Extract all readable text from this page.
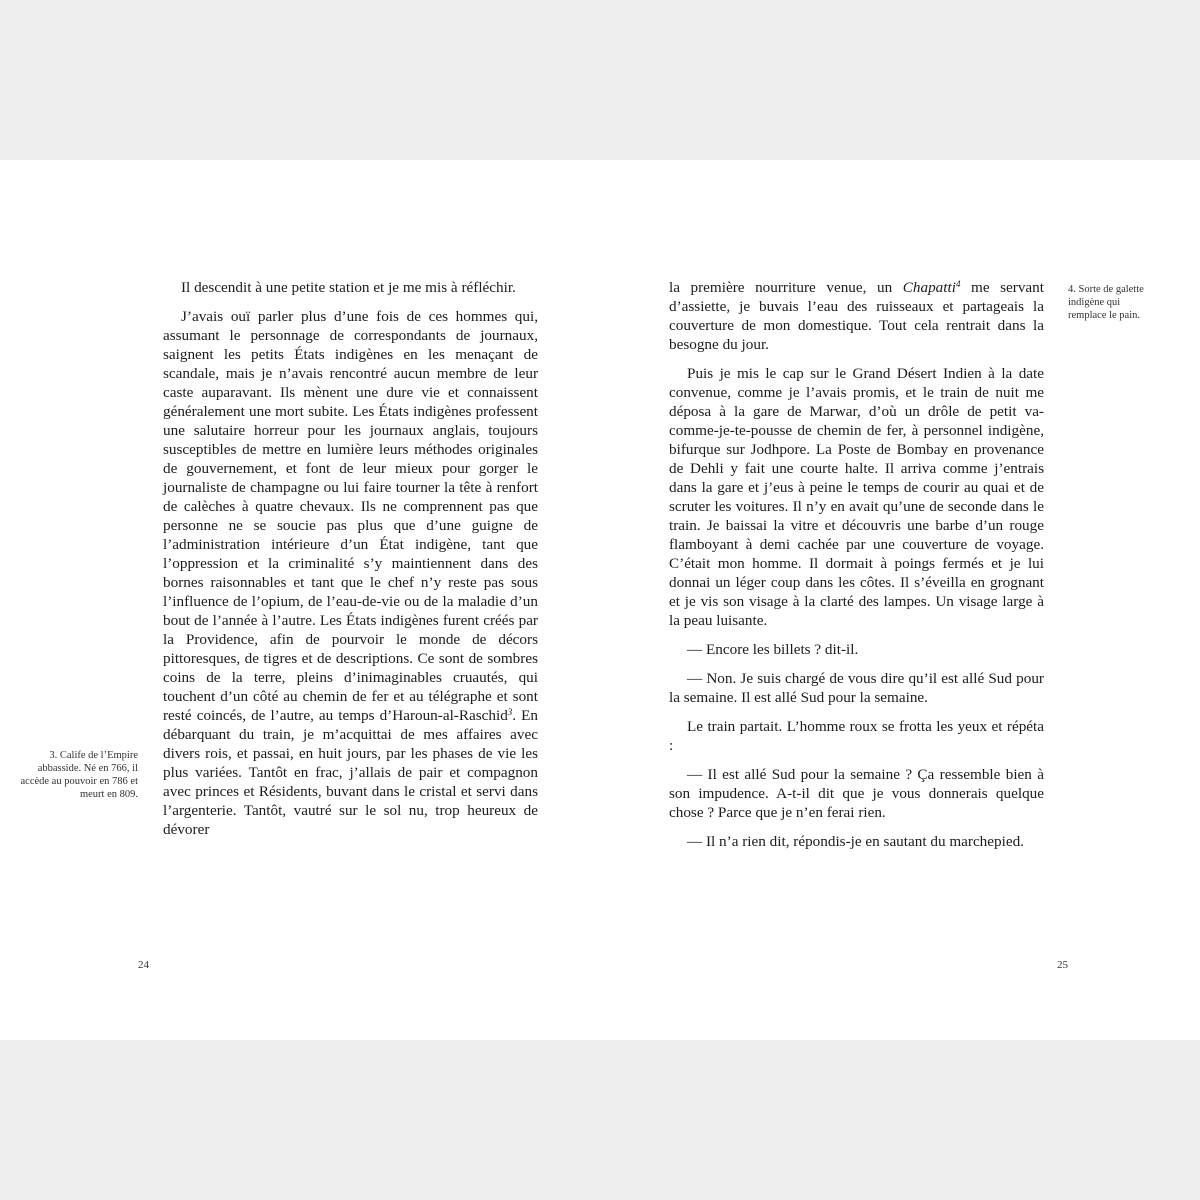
Il descendit à une petite station et je me mis à réfléchir.

J’avais ouï parler plus d’une fois de ces hommes qui, assumant le personnage de correspondants de journaux, saignent les petits États indigènes en les menaçant de scandale, mais je n’avais rencontré aucun membre de leur caste auparavant. Ils mènent une dure vie et connaissent généralement une mort subite. Les États indigènes professent une salutaire horreur pour les journaux anglais, toujours susceptibles de mettre en lumière leurs méthodes originales de gouvernement, et font de leur mieux pour gorger le journaliste de champagne ou lui faire tourner la tête à renfort de calèches à quatre chevaux. Ils ne comprennent pas que personne ne se soucie pas plus que d’une guigne de l’administration intérieure d’un État indigène, tant que l’oppression et la criminalité s’y maintiennent dans des bornes raisonnables et tant que le chef n’y reste pas sous l’influence de l’opium, de l’eau-de-vie ou de la maladie d’un bout de l’année à l’autre. Les États indigènes furent créés par la Providence, afin de pourvoir le monde de décors pittoresques, de tigres et de descriptions. Ce sont de sombres coins de la terre, pleins d’inimaginables cruautés, qui touchent d’un côté au chemin de fer et au télégraphe et sont resté coincés, de l’autre, au temps d’Haroun-al-Raschid$^3$. En débarquant du train, je m’acquittai de mes affaires avec divers rois, et passai, en huit jours, par les phases de vie les plus variées. Tantôt en frac, j’allais de pair et compagnon avec princes et Résidents, buvant dans le cristal et servi dans l’argenterie. Tantôt, vautré sur le sol nu, trop heureux de dévorer

3. Calife de l’Empire abbasside. Né en 766, il accède au pouvoir en 786 et meurt en 809.
24

la première nourriture venue, un Chapatti$^4$ me servant d’assiette, je buvais l’eau des ruisseaux et partageais la couverture de mon domestique. Tout cela rentrait dans la besogne du jour.

Puis je mis le cap sur le Grand Désert Indien à la date convenue, comme je l’avais promis, et le train de nuit me déposa à la gare de Marwar, d’où un drôle de petit va-comme-je-te-pousse de chemin de fer, à personnel indigène, bifurque sur Jodhpore. La Poste de Bombay en provenance de Dehli y fait une courte halte. Il arriva comme j’entrais dans la gare et j’eus à peine le temps de courir au quai et de scruter les voitures. Il n’y en avait qu’une de seconde dans le train. Je baissai la vitre et découvris une barbe d’un rouge flamboyant à demi cachée par une couverture de voyage. C’était mon homme. Il dormait à poings fermés et je lui donnai un léger coup dans les côtes. Il s’éveilla en grognant et je vis son visage à la clarté des lampes. Un visage large à la peau luisante.

— Encore les billets ? dit-il.

— Non. Je suis chargé de vous dire qu’il est allé Sud pour la semaine. Il est allé Sud pour la semaine.

Le train partait. L’homme roux se frotta les yeux et répéta :

— Il est allé Sud pour la semaine ? Ça ressemble bien à son impudence. A-t-il dit que je vous donnerais quelque chose ? Parce que je n’en ferai rien.

— Il n’a rien dit, répondis-je en sautant du marchepied.

4. Sorte de galette indigène qui remplace le pain.
25
